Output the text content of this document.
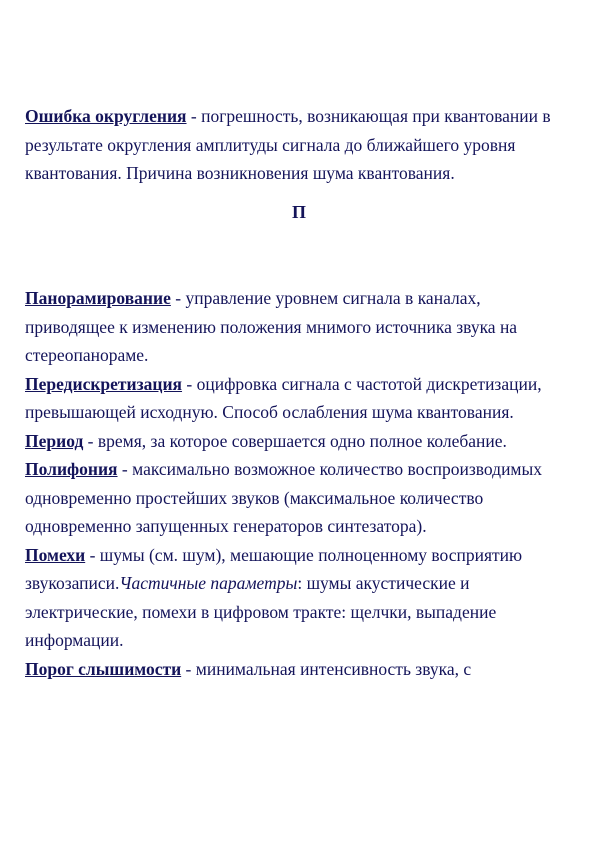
Ошибка округления - погрешность, возникающая при квантовании в результате округления амплитуды сигнала до ближайшего уровня квантования. Причина возникновения шума квантования.

П

Панорамирование - управление уровнем сигнала в каналах, приводящее к изменению положения мнимого источника звука на стереопанораме.

Передискретизация - оцифровка сигнала с частотой дискретизации, превышающей исходную. Способ ослабления шума квантования.

Период - время, за которое совершается одно полное колебание.

Полифония - максимально возможное количество воспроизводимых одновременно простейших звуков (максимальное количество одновременно запущенных генераторов синтезатора).

Помехи - шумы (см. шум), мешающие полноценному восприятию звукозаписи.Частичные параметры: шумы акустические и электрические, помехи в цифровом тракте: щелчки, выпадение информации.

Порог слышимости - минимальная интенсивность звука, с
